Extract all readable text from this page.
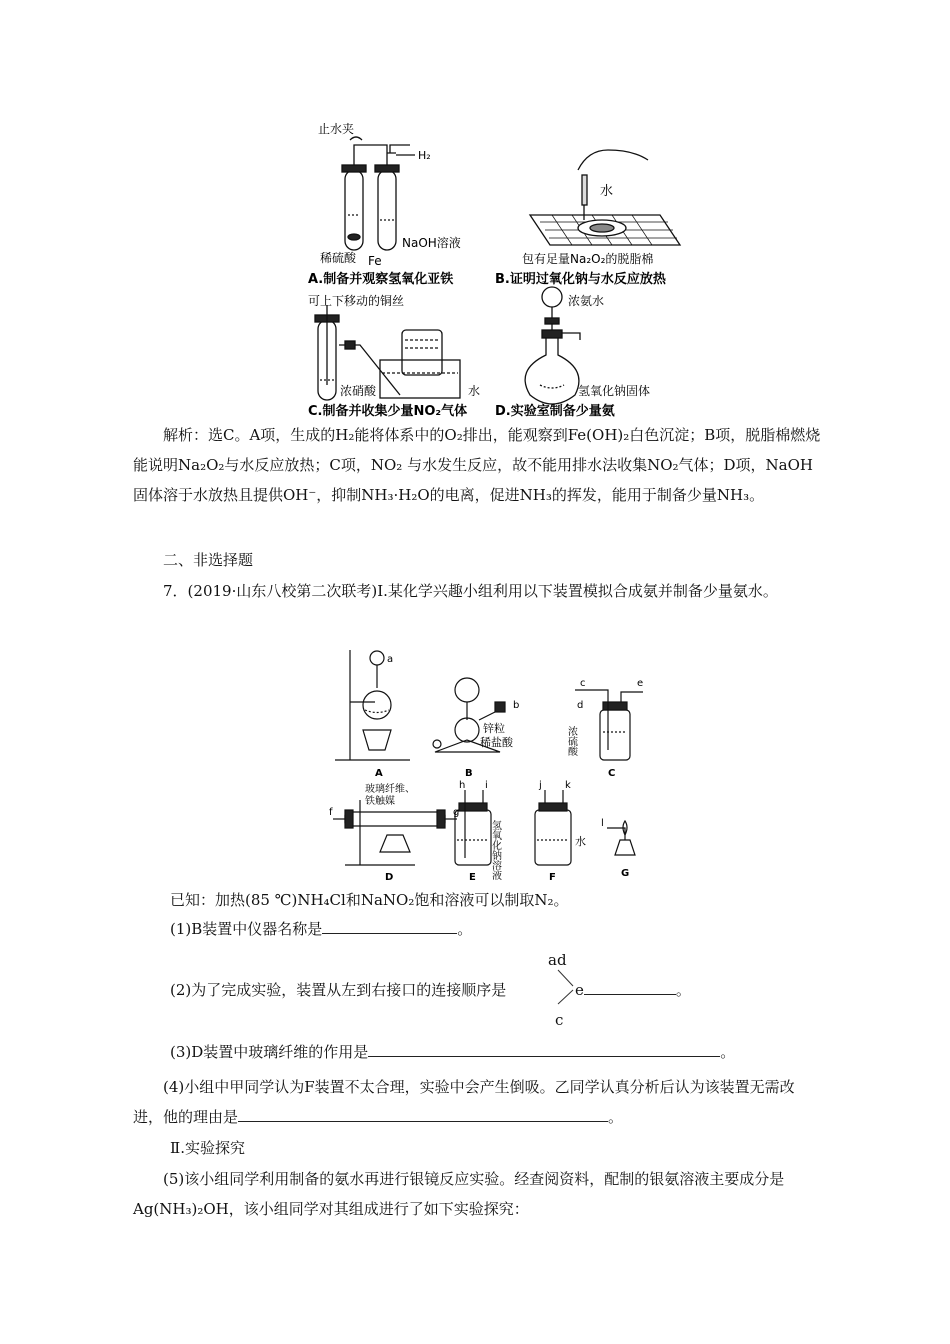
止水夹
H₂
稀硫酸 Fe
NaOH溶液
A.制备并观察氢氧化亚铁
水
包有足量Na₂O₂的脱脂棉
B.证明过氧化钠与水反应放热
可上下移动的铜丝
浓硝酸	水
C.制备并收集少量NO₂气体
浓氨水
氢氧化钠固体
D.实验室制备少量氨
解析：选C。A项，生成的H₂能将体系中的O₂排出，能观察到Fe(OH)₂白色沉淀；B项，脱脂棉燃烧能说明Na₂O₂与水反应放热；C项，NO₂ 与水发生反应，故不能用排水法收集NO₂气体；D项，NaOH固体溶于水放热且提供OH⁻，抑制NH₃·H₂O的电离，促进NH₃的挥发，能用于制备少量NH₃。
二、非选择题
7．(2019·山东八校第二次联考)Ⅰ.某化学兴趣小组利用以下装置模拟合成氨并制备少量氨水。
a
A
b
锌粒
稀盐酸
B
c
d
e
浓硫酸
C
玻璃纤维、
铁触媒
f	g
D
h i
氢氧化钠溶液
E
j k
水
F
l
G
已知：加热(85 ℃)NH₄Cl和NaNO₂饱和溶液可以制取N₂。
(1)B装置中仪器名称是	。
(2)为了完成实验，装置从左到右接口的连接顺序是
ad
e	。
c
(3)D装置中玻璃纤维的作用是	。
(4)小组中甲同学认为F装置不太合理，实验中会产生倒吸。乙同学认真分析后认为该装置无需改进，他的理由是	。
Ⅱ.实验探究
(5)该小组同学利用制备的氨水再进行银镜反应实验。经查阅资料，配制的银氨溶液主要成分是Ag(NH₃)₂OH，该小组同学对其组成进行了如下实验探究：
